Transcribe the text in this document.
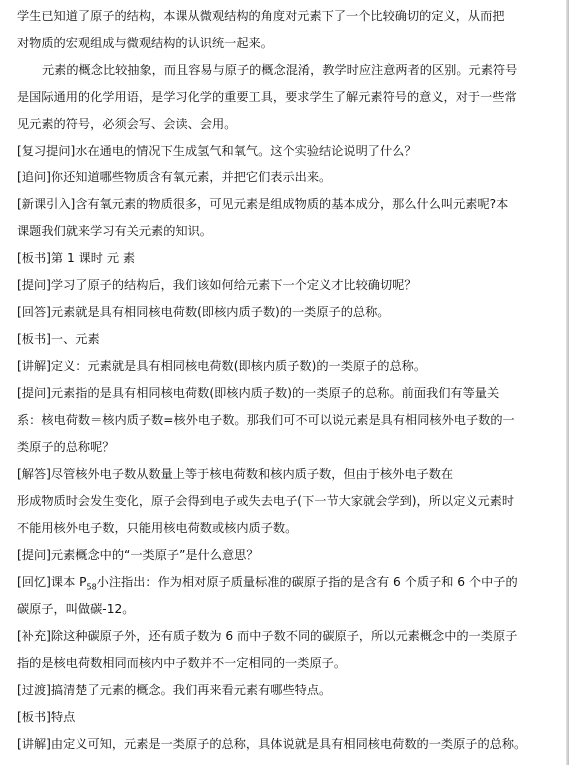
学生已知道了原子的结构，本课从微观结构的角度对元素下了一个比较确切的定义，从而把
对物质的宏观组成与微观结构的认识统一起来。
元素的概念比较抽象，而且容易与原子的概念混淆，教学时应注意两者的区别。元素符号
是国际通用的化学用语，是学习化学的重要工具，要求学生了解元素符号的意义，对于一些常
见元素的符号，必须会写、会读、会用。
[复习提问]水在通电的情况下生成氢气和氧气。这个实验结论说明了什么？
[追问]你还知道哪些物质含有氧元素，并把它们表示出来。
[新课引入]含有氧元素的物质很多，可见元素是组成物质的基本成分，那么什么叫元素呢?本
课题我们就来学习有关元素的知识。
[板书]第 1 课时 元 素
[提问]学习了原子的结构后，我们该如何给元素下一个定义才比较确切呢？
[回答]元素就是具有相同核电荷数(即核内质子数)的一类原子的总称。
[板书]一、元素
[讲解]定义：元素就是具有相同核电荷数(即核内质子数)的一类原子的总称。
[提问]元素指的是具有相同核电荷数(即核内质子数)的一类原子的总称。前面我们有等量关
系：核电荷数＝核内质子数=核外电子数。那我们可不可以说元素是具有相同核外电子数的一
类原子的总称呢？
[解答]尽管核外电子数从数量上等于核电荷数和核内质子数，但由于核外电子数在
形成物质时会发生变化，原子会得到电子或失去电子(下一节大家就会学到)，所以定义元素时
不能用核外电子数，只能用核电荷数或核内质子数。
[提问]元素概念中的“一类原子”是什么意思？
[回忆]课本 $P_{58}$小注指出：作为相对原子质量标准的碳原子指的是含有 6 个质子和 6 个中子的
碳原子，叫做碳-12。
[补充]除这种碳原子外，还有质子数为 6 而中子数不同的碳原子，所以元素概念中的一类原子
指的是核电荷数相同而核内中子数并不一定相同的一类原子。
[过渡]搞清楚了元素的概念。我们再来看元素有哪些特点。
[板书]特点
[讲解]由定义可知，元素是一类原子的总称，具体说就是具有相同核电荷数的一类原子的总称。
